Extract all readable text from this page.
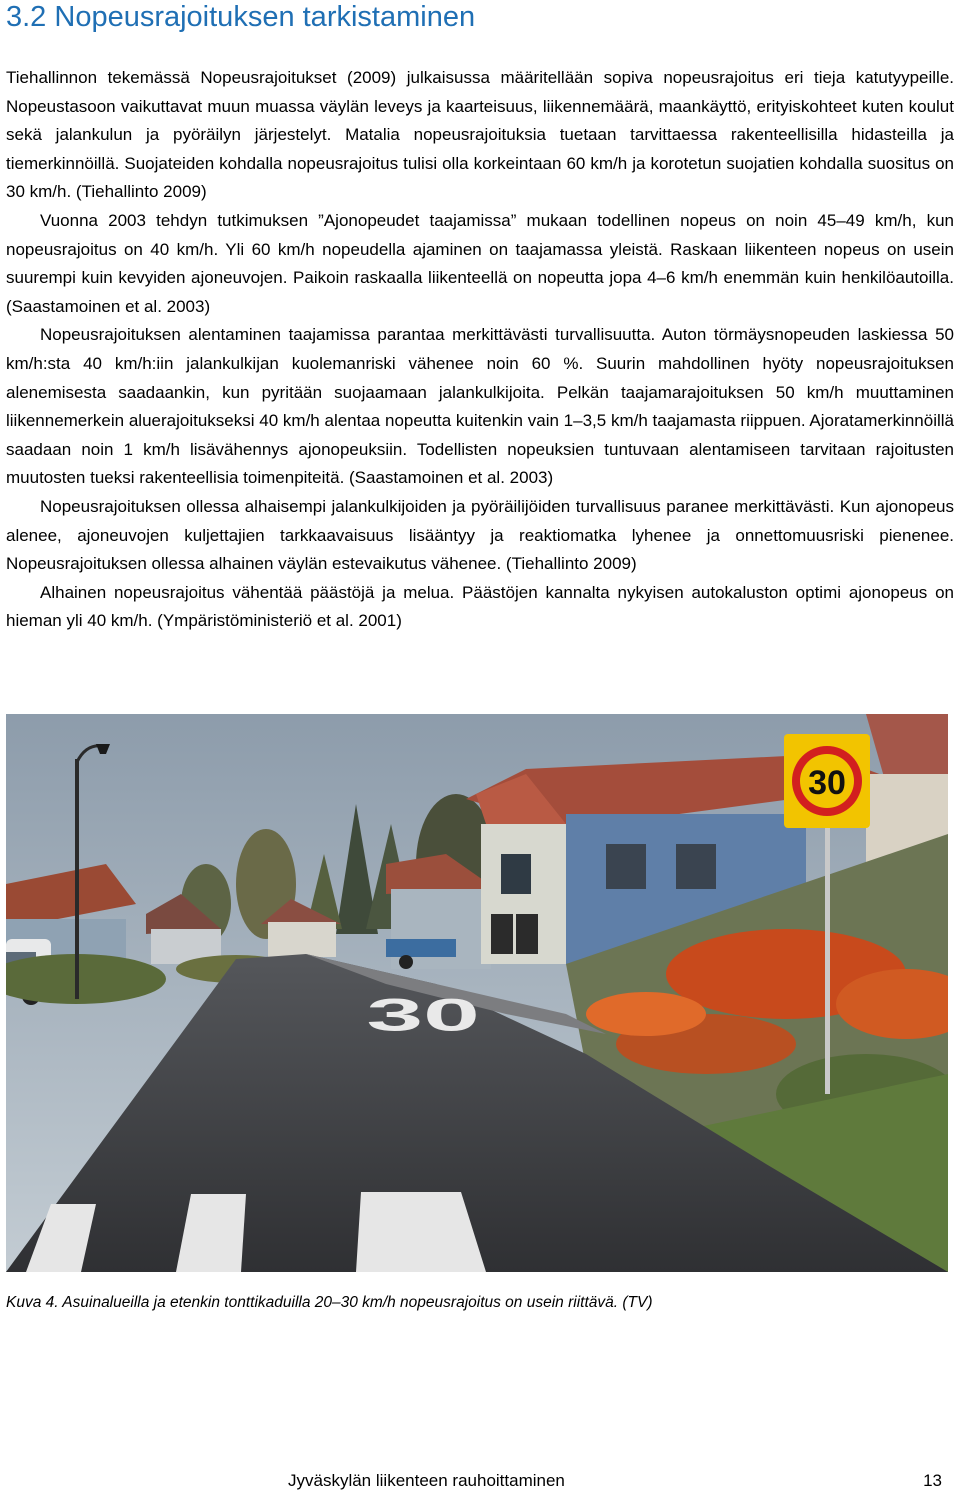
3.2 Nopeusrajoituksen tarkistaminen

Tiehallinnon tekemässä Nopeusrajoitukset (2009) julkaisussa määritellään sopiva nopeusrajoitus eri tieja katutyypeille. Nopeustasoon vaikuttavat muun muassa väylän leveys ja kaarteisuus, liikennemäärä, maankäyttö, erityiskohteet kuten koulut sekä jalankulun ja pyöräilyn järjestelyt. Matalia nopeusrajoituksia tuetaan tarvittaessa rakenteellisilla hidasteilla ja tiemerkinnöillä. Suojateiden kohdalla nopeusrajoitus tulisi olla korkeintaan 60 km/h ja korotetun suojatien kohdalla suositus on 30 km/h. (Tiehallinto 2009)

Vuonna 2003 tehdyn tutkimuksen ”Ajonopeudet taajamissa” mukaan todellinen nopeus on noin 45–49 km/h, kun nopeusrajoitus on 40 km/h. Yli 60 km/h nopeudella ajaminen on taajamassa yleistä. Raskaan liikenteen nopeus on usein suurempi kuin kevyiden ajoneuvojen. Paikoin raskaalla liikenteellä on nopeutta jopa 4–6 km/h enemmän kuin henkilöautoilla. (Saastamoinen et al. 2003)

Nopeusrajoituksen alentaminen taajamissa parantaa merkittävästi turvallisuutta. Auton törmäysnopeuden laskiessa 50 km/h:sta 40 km/h:iin jalankulkijan kuolemanriski vähenee noin 60 %. Suurin mahdollinen hyöty nopeusrajoituksen alenemisesta saadaankin, kun pyritään suojaamaan jalankulkijoita. Pelkän taajamarajoituksen 50 km/h muuttaminen liikennemerkein aluerajoitukseksi 40 km/h alentaa nopeutta kuitenkin vain 1–3,5 km/h taajamasta riippuen. Ajoratamerkinnöillä saadaan noin 1 km/h lisävähennys ajonopeuksiin. Todellisten nopeuksien tuntuvaan alentamiseen tarvitaan rajoitusten muutosten tueksi rakenteellisia toimenpiteitä. (Saastamoinen et al. 2003)

Nopeusrajoituksen ollessa alhaisempi jalankulkijoiden ja pyöräilijöiden turvallisuus paranee merkittävästi. Kun ajonopeus alenee, ajoneuvojen kuljettajien tarkkaavaisuus lisääntyy ja reaktiomatka lyhenee ja onnettomuusriski pienenee. Nopeusrajoituksen ollessa alhainen väylän estevaikutus vähenee. (Tiehallinto 2009)

Alhainen nopeusrajoitus vähentää päästöjä ja melua. Päästöjen kannalta nykyisen autokaluston optimi ajonopeus on hieman yli 40 km/h. (Ympäristöministeriö et al. 2001)

30
30
Kuva 4. Asuinalueilla ja etenkin tonttikaduilla 20–30 km/h nopeusrajoitus on usein riittävä. (TV)
Jyväskylän liikenteen rauhoittaminen	13
